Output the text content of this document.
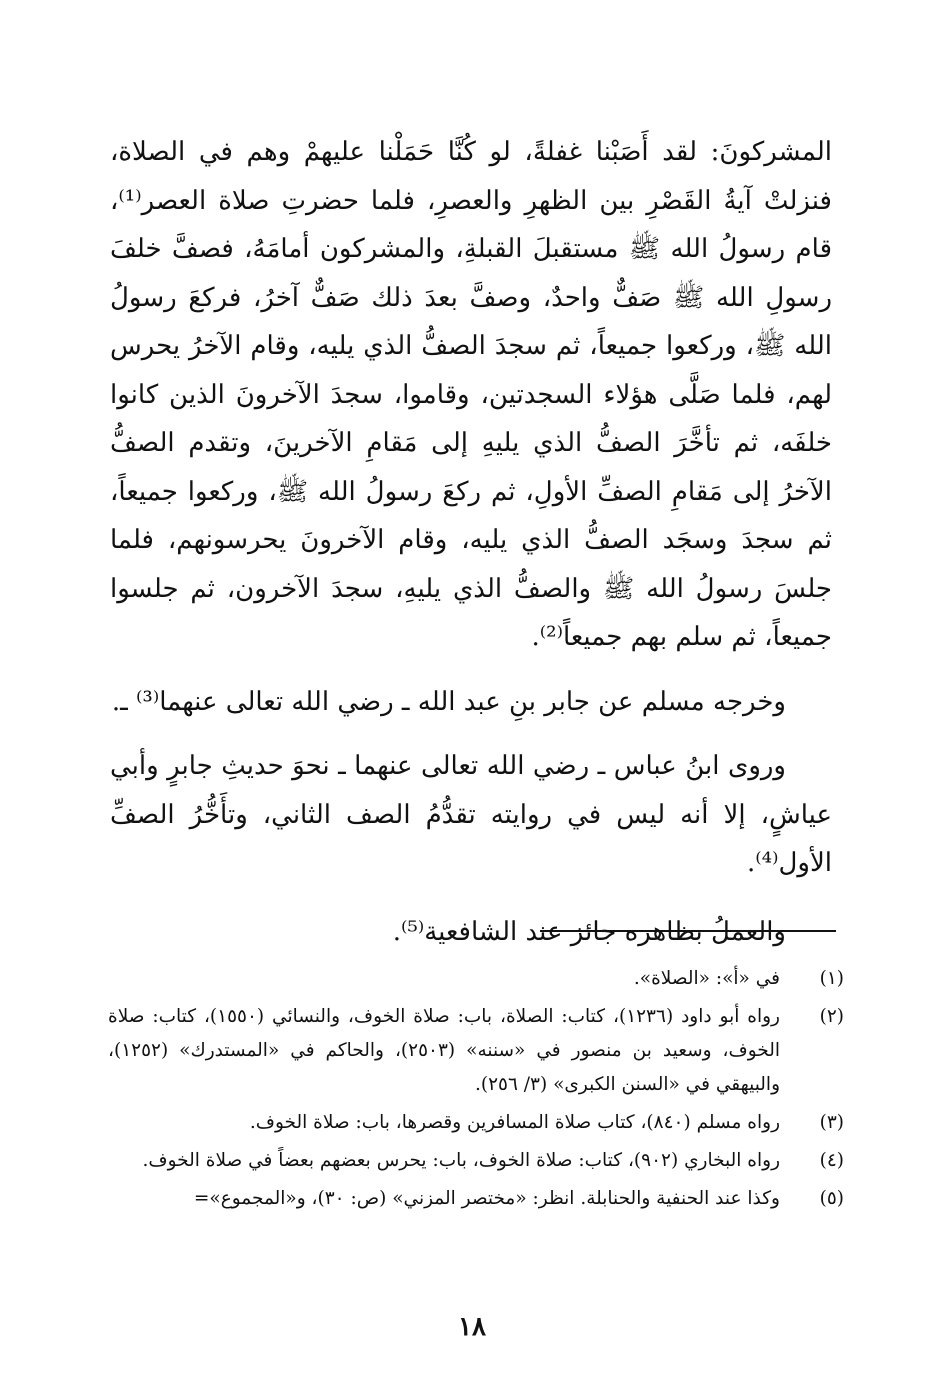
المشركونَ: لقد أَصَبْنا غفلةً، لو كُنَّا حَمَلْنا عليهمْ وهم في الصلاة، فنزلتْ آيةُ القَصْرِ بين الظهرِ والعصرِ، فلما حضرتِ صلاة العصر⁽¹⁾، قام رسولُ الله ﷺ مستقبلَ القبلةِ، والمشركون أمامَهُ، فصفَّ خلفَ رسولِ الله ﷺ صَفٌّ واحدٌ، وصفَّ بعدَ ذلك صَفٌّ آخرُ، فركعَ رسولُ الله ﷺ، وركعوا جميعاً، ثم سجدَ الصفُّ الذي يليه، وقام الآخرُ يحرس لهم، فلما صَلَّى هؤلاء السجدتين، وقاموا، سجدَ الآخرونَ الذين كانوا خلفَه، ثم تأخَّرَ الصفُّ الذي يليهِ إلى مَقامِ الآخرينَ، وتقدم الصفُّ الآخرُ إلى مَقامِ الصفِّ الأولِ، ثم ركعَ رسولُ الله ﷺ، وركعوا جميعاً، ثم سجدَ وسجَد الصفُّ الذي يليه، وقام الآخرونَ يحرسونهم، فلما جلسَ رسولُ الله ﷺ والصفُّ الذي يليهِ، سجدَ الآخرون، ثم جلسوا جميعاً، ثم سلم بهم جميعاً⁽²⁾.

وخرجه مسلم عن جابر بنِ عبد الله ـ رضي الله تعالى عنهما⁽³⁾ ـ.

وروى ابنُ عباس ـ رضي الله تعالى عنهما ـ نحوَ حديثِ جابرٍ وأبي عياشٍ، إلا أنه ليس في روايته تقدُّمُ الصف الثاني، وتأَخُّرُ الصفِّ الأول⁽⁴⁾.

والعملُ بظاهره جائز عند الشافعية⁽⁵⁾.

(١)
في «أ»: «الصلاة».
(٢)
رواه أبو داود (١٢٣٦)، كتاب: الصلاة، باب: صلاة الخوف، والنسائي (١٥٥٠)، كتاب: صلاة الخوف، وسعيد بن منصور في «سننه» (٢٥٠٣)، والحاكم في «المستدرك» (١٢٥٢)، والبيهقي في «السنن الكبرى» (٣/ ٢٥٦).
(٣)
رواه مسلم (٨٤٠)، كتاب صلاة المسافرين وقصرها، باب: صلاة الخوف.
(٤)
رواه البخاري (٩٠٢)، كتاب: صلاة الخوف، باب: يحرس بعضهم بعضاً في صلاة الخوف.
(٥)
وكذا عند الحنفية والحنابلة. انظر: «مختصر المزني» (ص: ٣٠)، و«المجموع»=
١٨
